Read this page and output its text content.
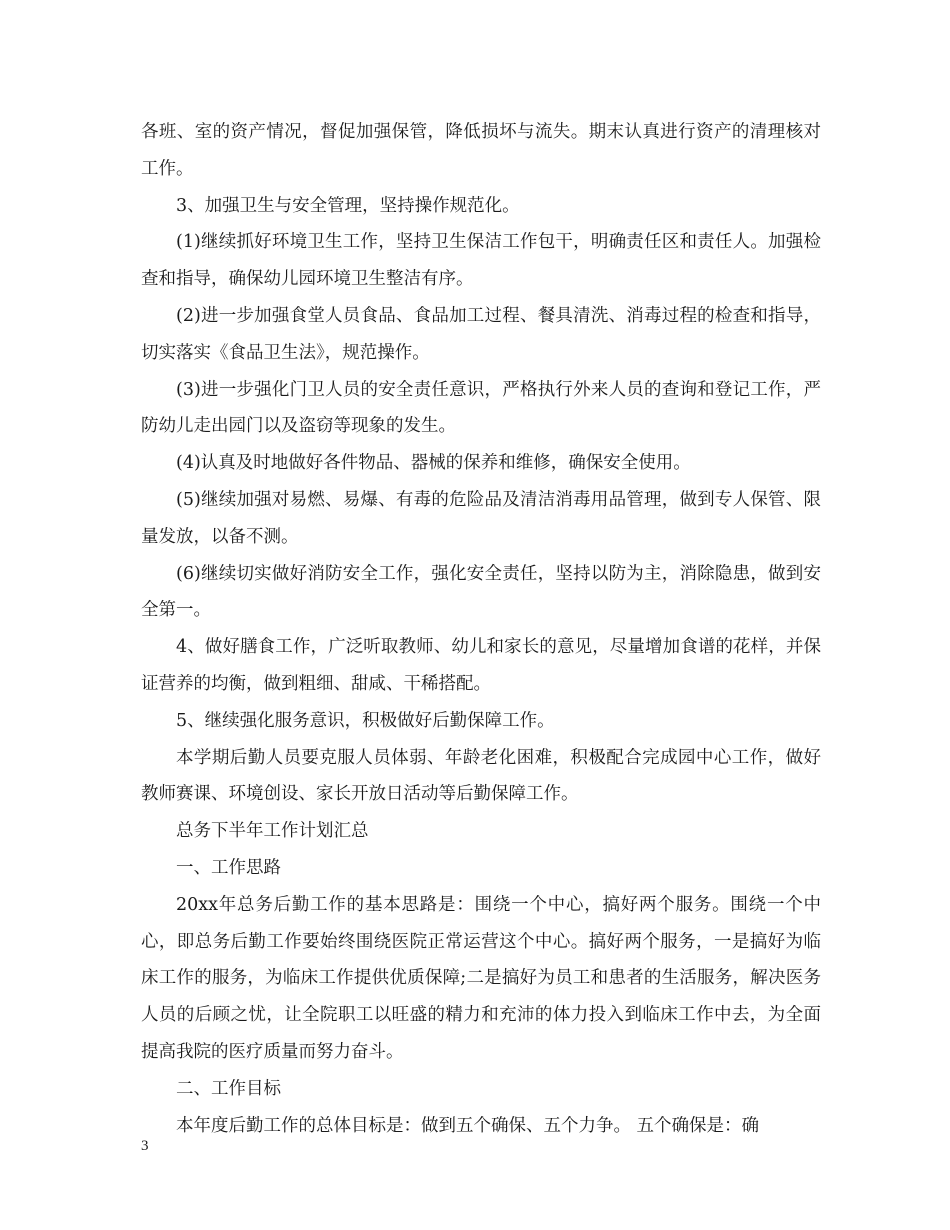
各班、室的资产情况，督促加强保管，降低损坏与流失。期末认真进行资产的清理核对工作。

3、加强卫生与安全管理，坚持操作规范化。

(1)继续抓好环境卫生工作，坚持卫生保洁工作包干，明确责任区和责任人。加强检查和指导，确保幼儿园环境卫生整洁有序。

(2)进一步加强食堂人员食品、食品加工过程、餐具清洗、消毒过程的检查和指导，切实落实《食品卫生法》，规范操作。

(3)进一步强化门卫人员的安全责任意识，严格执行外来人员的查询和登记工作，严防幼儿走出园门以及盗窃等现象的发生。

(4)认真及时地做好各件物品、器械的保养和维修，确保安全使用。

(5)继续加强对易燃、易爆、有毒的危险品及清洁消毒用品管理，做到专人保管、限量发放，以备不测。

(6)继续切实做好消防安全工作，强化安全责任，坚持以防为主，消除隐患，做到安全第一。

4、做好膳食工作，广泛听取教师、幼儿和家长的意见，尽量增加食谱的花样，并保证营养的均衡，做到粗细、甜咸、干稀搭配。

5、继续强化服务意识，积极做好后勤保障工作。

本学期后勤人员要克服人员体弱、年龄老化困难，积极配合完成园中心工作，做好教师赛课、环境创设、家长开放日活动等后勤保障工作。

总务下半年工作计划汇总

一、工作思路

20xx年总务后勤工作的基本思路是：围绕一个中心，搞好两个服务。围绕一个中心，即总务后勤工作要始终围绕医院正常运营这个中心。搞好两个服务，一是搞好为临床工作的服务，为临床工作提供优质保障;二是搞好为员工和患者的生活服务，解决医务人员的后顾之忧，让全院职工以旺盛的精力和充沛的体力投入到临床工作中去，为全面提高我院的医疗质量而努力奋斗。

二、工作目标

本年度后勤工作的总体目标是：做到五个确保、五个力争。 五个确保是：确

3
